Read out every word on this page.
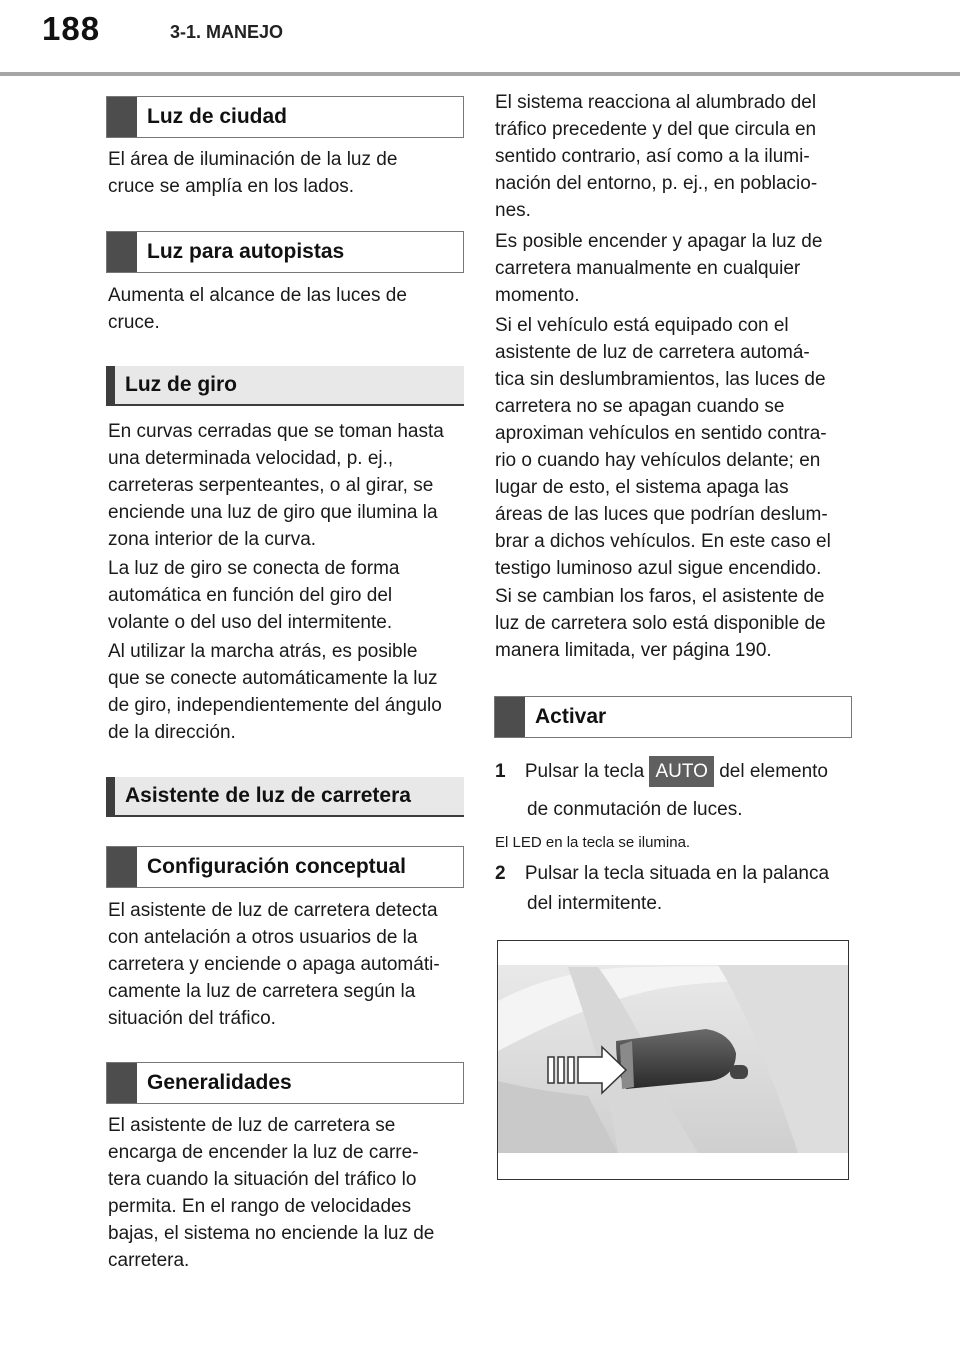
188	3-1. MANEJO
Luz de ciudad

El área de iluminación de la luz de
cruce se amplía en los lados.

Luz para autopistas

Aumenta el alcance de las luces de
cruce.

Luz de giro

En curvas cerradas que se toman hasta
una determinada velocidad, p. ej.,
carreteras serpenteantes, o al girar, se
enciende una luz de giro que ilumina la
zona interior de la curva.

La luz de giro se conecta de forma
automática en función del giro del
volante o del uso del intermitente.

Al utilizar la marcha atrás, es posible
que se conecte automáticamente la luz
de giro, independientemente del ángulo
de la dirección.

Asistente de luz de carretera
Configuración conceptual

El asistente de luz de carretera detecta
con antelación a otros usuarios de la
carretera y enciende o apaga automáti-
camente la luz de carretera según la
situación del tráfico.

Generalidades

El asistente de luz de carretera se
encarga de encender la luz de carre-
tera cuando la situación del tráfico lo
permita. En el rango de velocidades
bajas, el sistema no enciende la luz de
carretera.

El sistema reacciona al alumbrado del
tráfico precedente y del que circula en
sentido contrario, así como a la ilumi-
nación del entorno, p. ej., en poblacio-
nes.

Es posible encender y apagar la luz de
carretera manualmente en cualquier
momento.

Si el vehículo está equipado con el
asistente de luz de carretera automá-
tica sin deslumbramientos, las luces de
carretera no se apagan cuando se
aproximan vehículos en sentido contra-
rio o cuando hay vehículos delante; en
lugar de esto, el sistema apaga las
áreas de las luces que podrían deslum-
brar a dichos vehículos. En este caso el
testigo luminoso azul sigue encendido.

Si se cambian los faros, el asistente de
luz de carretera solo está disponible de
manera limitada, ver página 190.

Activar
1 Pulsar la tecla AUTO del elemento
de conmutación de luces.

El LED en la tecla se ilumina.

2 Pulsar la tecla situada en la palanca
del intermitente.
